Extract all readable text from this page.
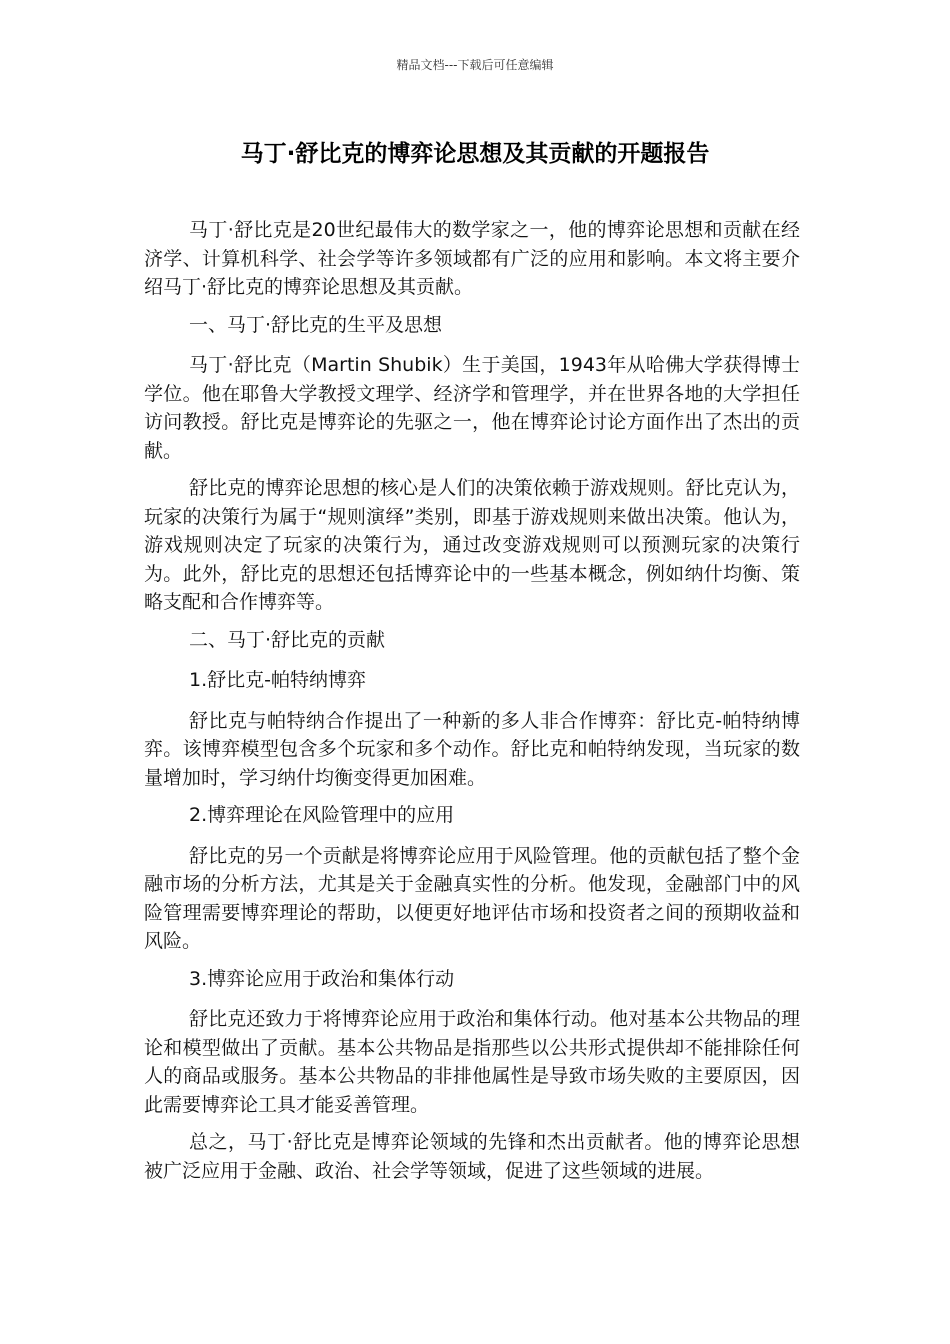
精品文档---下载后可任意编辑
马丁·舒比克的博弈论思想及其贡献的开题报告

马丁·舒比克是20世纪最伟大的数学家之一，他的博弈论思想和贡献在经济学、计算机科学、社会学等许多领域都有广泛的应用和影响。本文将主要介绍马丁·舒比克的博弈论思想及其贡献。

一、马丁·舒比克的生平及思想

马丁·舒比克（Martin Shubik）生于美国，1943年从哈佛大学获得博士学位。他在耶鲁大学教授文理学、经济学和管理学，并在世界各地的大学担任访问教授。舒比克是博弈论的先驱之一，他在博弈论讨论方面作出了杰出的贡献。

舒比克的博弈论思想的核心是人们的决策依赖于游戏规则。舒比克认为，玩家的决策行为属于“规则演绎”类别，即基于游戏规则来做出决策。他认为，游戏规则决定了玩家的决策行为，通过改变游戏规则可以预测玩家的决策行为。此外，舒比克的思想还包括博弈论中的一些基本概念，例如纳什均衡、策略支配和合作博弈等。

二、马丁·舒比克的贡献

1.舒比克-帕特纳博弈

舒比克与帕特纳合作提出了一种新的多人非合作博弈：舒比克-帕特纳博弈。该博弈模型包含多个玩家和多个动作。舒比克和帕特纳发现，当玩家的数量增加时，学习纳什均衡变得更加困难。

2.博弈理论在风险管理中的应用

舒比克的另一个贡献是将博弈论应用于风险管理。他的贡献包括了整个金融市场的分析方法，尤其是关于金融真实性的分析。他发现，金融部门中的风险管理需要博弈理论的帮助，以便更好地评估市场和投资者之间的预期收益和风险。

3.博弈论应用于政治和集体行动

舒比克还致力于将博弈论应用于政治和集体行动。他对基本公共物品的理论和模型做出了贡献。基本公共物品是指那些以公共形式提供却不能排除任何人的商品或服务。基本公共物品的非排他属性是导致市场失败的主要原因，因此需要博弈论工具才能妥善管理。

总之，马丁·舒比克是博弈论领域的先锋和杰出贡献者。他的博弈论思想被广泛应用于金融、政治、社会学等领域，促进了这些领域的进展。
